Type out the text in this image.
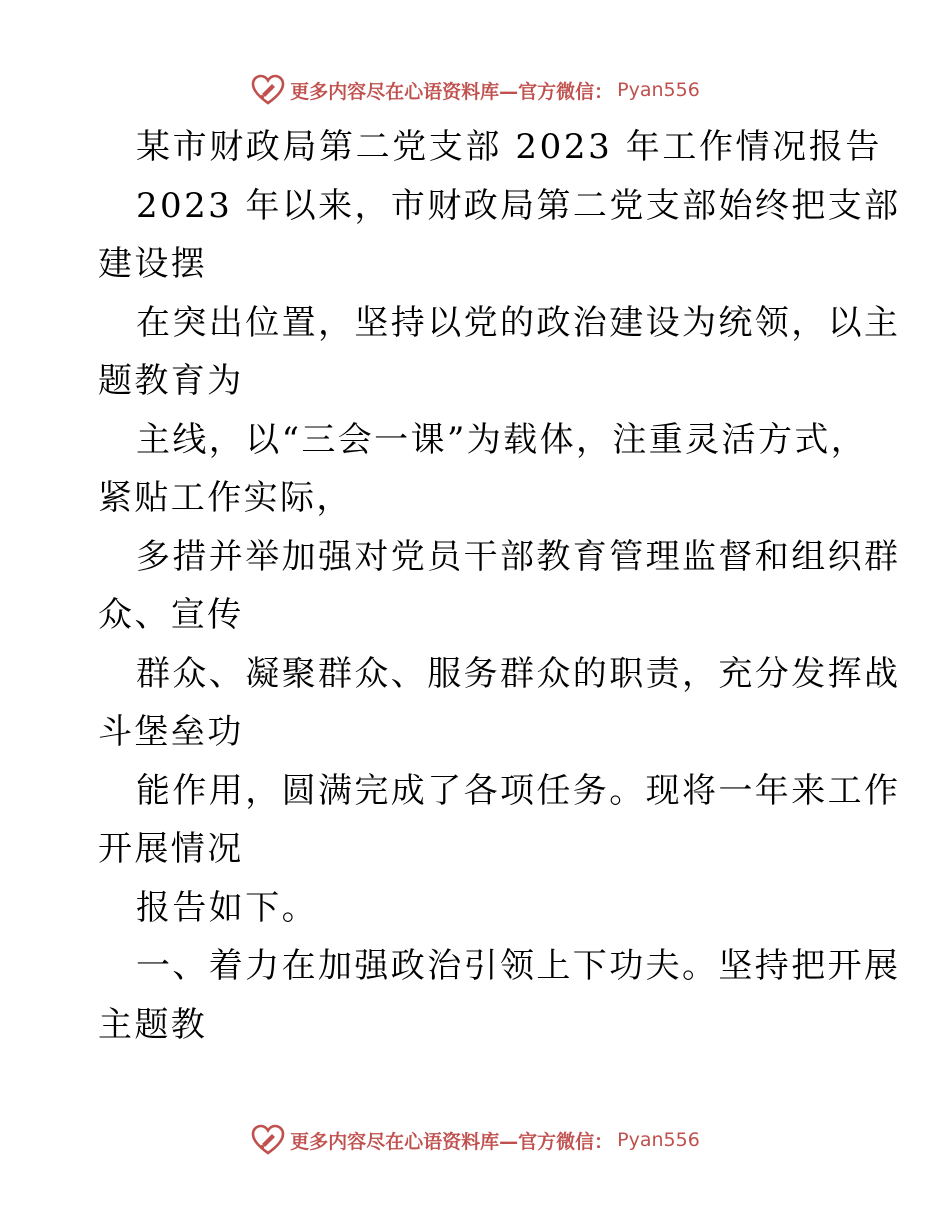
更多内容尽在心语资料库—官方微信： Pyan556
某市财政局第二党支部 2023 年工作情况报告
2023 年以来，市财政局第二党支部始终把支部
建设摆
在突出位置，坚持以党的政治建设为统领，以主
题教育为
主线，以“三会一课”为载体，注重灵活方式，
紧贴工作实际，
多措并举加强对党员干部教育管理监督和组织群
众、宣传
群众、凝聚群众、服务群众的职责，充分发挥战
斗堡垒功
能作用，圆满完成了各项任务。现将一年来工作
开展情况
报告如下。
一、着力在加强政治引领上下功夫。坚持把开展
主题教
更多内容尽在心语资料库—官方微信： Pyan556
